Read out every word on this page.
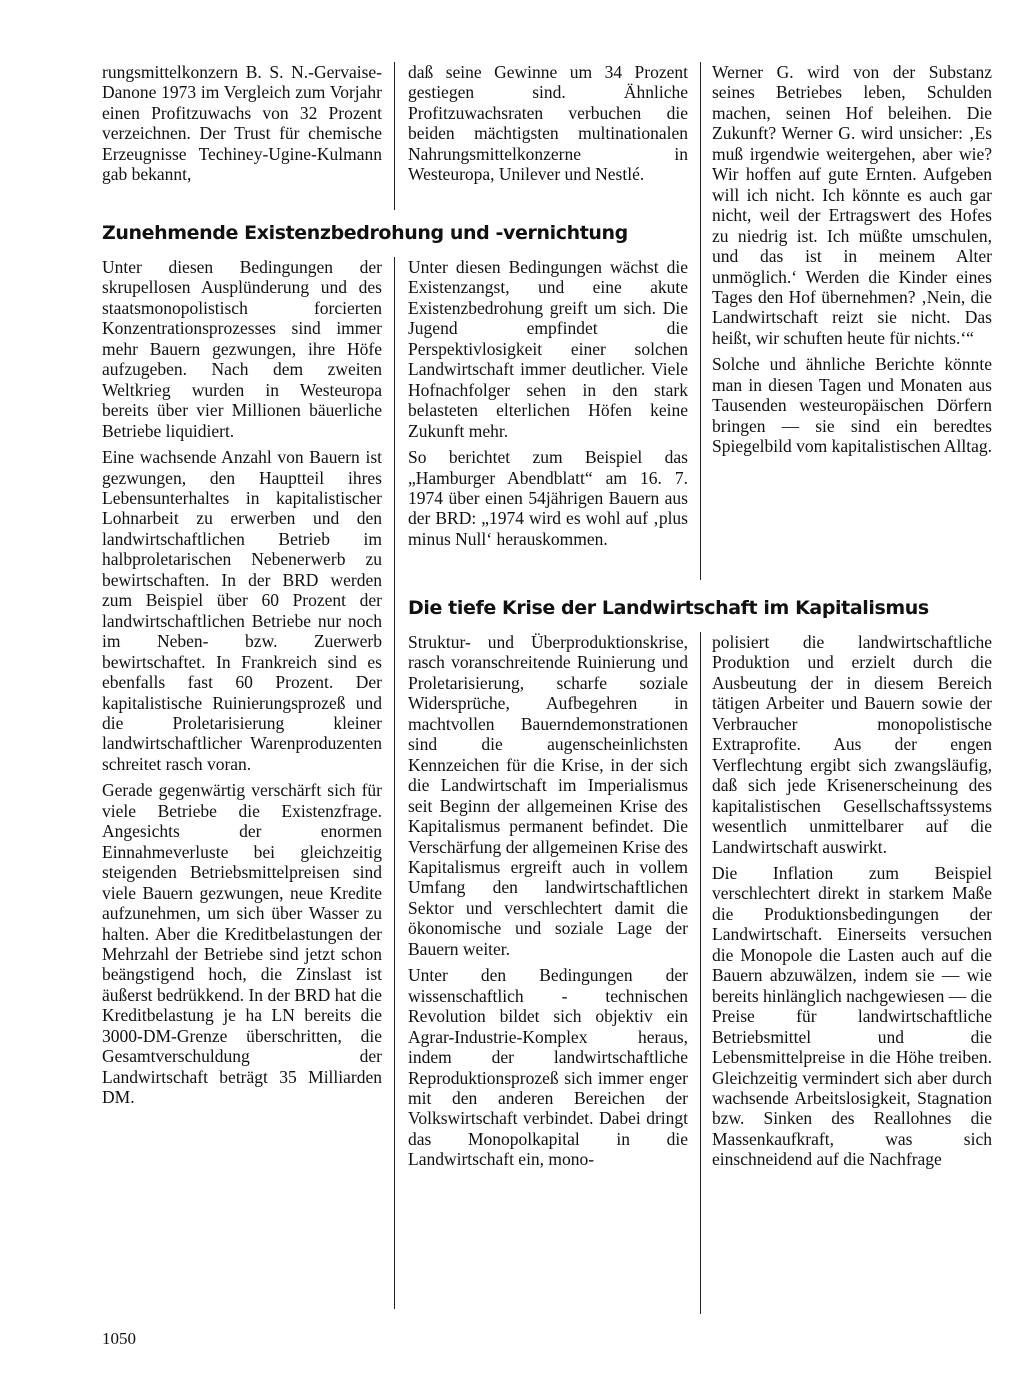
rungsmittelkonzern B. S. N.-Gervaise-Danone 1973 im Vergleich zum Vorjahr einen Profitzuwachs von 32 Prozent verzeichnen. Der Trust für chemische Erzeugnisse Techiney-Ugine-Kulmann gab bekannt,

daß seine Gewinne um 34 Prozent gestiegen sind. Ähnliche Profitzuwachsraten verbuchen die beiden mächtigsten multinationalen Nahrungsmittelkonzerne in Westeuropa, Unilever und Nestlé.

Zunehmende Existenzbedrohung und -vernichtung

Unter diesen Bedingungen der skrupellosen Ausplünderung und des staatsmonopolistisch forcierten Konzentrationsprozesses sind immer mehr Bauern gezwungen, ihre Höfe aufzugeben. Nach dem zweiten Weltkrieg wurden in Westeuropa bereits über vier Millionen bäuerliche Betriebe liquidiert.

Eine wachsende Anzahl von Bauern ist gezwungen, den Hauptteil ihres Lebensunterhaltes in kapitalistischer Lohnarbeit zu erwerben und den landwirtschaftlichen Betrieb im halbproletarischen Nebenerwerb zu bewirtschaften. In der BRD werden zum Beispiel über 60 Prozent der landwirtschaftlichen Betriebe nur noch im Neben- bzw. Zuerwerb bewirtschaftet. In Frankreich sind es ebenfalls fast 60 Prozent. Der kapitalistische Ruinierungsprozeß und die Proletarisierung kleiner landwirtschaftlicher Warenproduzenten schreitet rasch voran.

Gerade gegenwärtig verschärft sich für viele Betriebe die Existenzfrage. Angesichts der enormen Einnahmeverluste bei gleichzeitig steigenden Betriebsmittelpreisen sind viele Bauern gezwungen, neue Kredite aufzunehmen, um sich über Wasser zu halten. Aber die Kreditbelastungen der Mehrzahl der Betriebe sind jetzt schon beängstigend hoch, die Zinslast ist äußerst bedrükkend. In der BRD hat die Kreditbelastung je ha LN bereits die 3000-DM-Grenze überschritten, die Gesamtverschuldung der Landwirtschaft beträgt 35 Milliarden DM.

Unter diesen Bedingungen wächst die Existenzangst, und eine akute Existenzbedrohung greift um sich. Die Jugend empfindet die Perspektivlosigkeit einer solchen Landwirtschaft immer deutlicher. Viele Hofnachfolger sehen in den stark belasteten elterlichen Höfen keine Zukunft mehr.

So berichtet zum Beispiel das „Hamburger Abendblatt“ am 16. 7. 1974 über einen 54jährigen Bauern aus der BRD: „1974 wird es wohl auf ‚plus minus Null‘ herauskommen.

Werner G. wird von der Substanz seines Betriebes leben, Schulden machen, seinen Hof beleihen. Die Zukunft? Werner G. wird unsicher: ‚Es muß irgendwie weitergehen, aber wie? Wir hoffen auf gute Ernten. Aufgeben will ich nicht. Ich könnte es auch gar nicht, weil der Ertragswert des Hofes zu niedrig ist. Ich müßte umschulen, und das ist in meinem Alter unmöglich.‘ Werden die Kinder eines Tages den Hof übernehmen? ‚Nein, die Landwirtschaft reizt sie nicht. Das heißt, wir schuften heute für nichts.‘“

Solche und ähnliche Berichte könnte man in diesen Tagen und Monaten aus Tausenden westeuropäischen Dörfern bringen — sie sind ein beredtes Spiegelbild vom kapitalistischen Alltag.

Die tiefe Krise der Landwirtschaft im Kapitalismus

Struktur- und Überproduktionskrise, rasch voranschreitende Ruinierung und Proletarisierung, scharfe soziale Widersprüche, Aufbegehren in machtvollen Bauerndemonstrationen sind die augenscheinlichsten Kennzeichen für die Krise, in der sich die Landwirtschaft im Imperialismus seit Beginn der allgemeinen Krise des Kapitalismus permanent befindet. Die Verschärfung der allgemeinen Krise des Kapitalismus ergreift auch in vollem Umfang den landwirtschaftlichen Sektor und verschlechtert damit die ökonomische und soziale Lage der Bauern weiter.

Unter den Bedingungen der wissenschaftlich - technischen Revolution bildet sich objektiv ein Agrar-Industrie-Komplex heraus, indem der landwirtschaftliche Reproduktionsprozeß sich immer enger mit den anderen Bereichen der Volkswirtschaft verbindet. Dabei dringt das Monopolkapital in die Landwirtschaft ein, mono-

polisiert die landwirtschaftliche Produktion und erzielt durch die Ausbeutung der in diesem Bereich tätigen Arbeiter und Bauern sowie der Verbraucher monopolistische Extraprofite. Aus der engen Verflechtung ergibt sich zwangsläufig, daß sich jede Krisenerscheinung des kapitalistischen Gesellschaftssystems wesentlich unmittelbarer auf die Landwirtschaft auswirkt.

Die Inflation zum Beispiel verschlechtert direkt in starkem Maße die Produktionsbedingungen der Landwirtschaft. Einerseits versuchen die Monopole die Lasten auch auf die Bauern abzuwälzen, indem sie — wie bereits hinlänglich nachgewiesen — die Preise für landwirtschaftliche Betriebsmittel und die Lebensmittelpreise in die Höhe treiben. Gleichzeitig vermindert sich aber durch wachsende Arbeitslosigkeit, Stagnation bzw. Sinken des Reallohnes die Massenkaufkraft, was sich einschneidend auf die Nachfrage

1050
